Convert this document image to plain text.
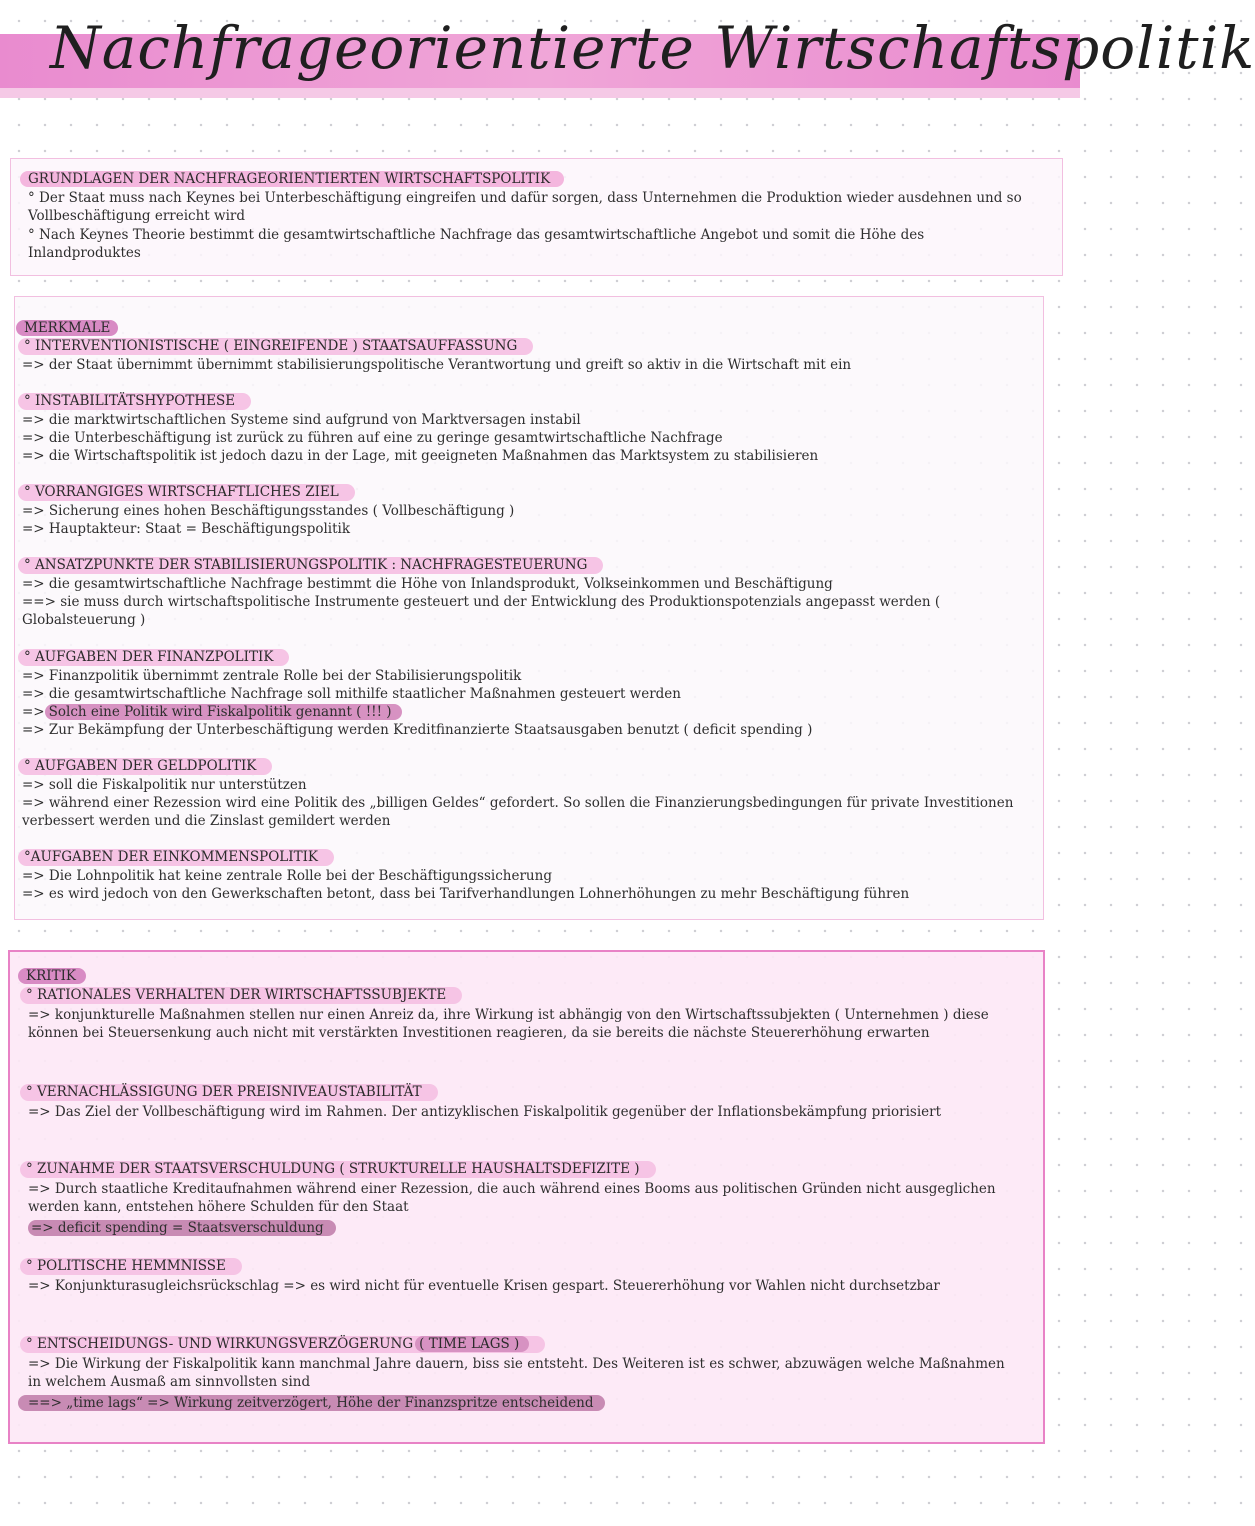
Nachfrageorientierte Wirtschaftspolitik
GRUNDLAGEN DER NACHFRAGEORIENTIERTEN WIRTSCHAFTSPOLITIK
° Der Staat muss nach Keynes bei Unterbeschäftigung eingreifen und dafür sorgen, dass Unternehmen die Produktion wieder ausdehnen und so Vollbeschäftigung erreicht wird
° Nach Keynes Theorie bestimmt die gesamtwirtschaftliche Nachfrage das gesamtwirtschaftliche Angebot und somit die Höhe des Inlandproduktes
MERKMALE
° INTERVENTIONISTISCHE ( EINGREIFENDE ) STAATSAUFFASSUNG
=> der Staat übernimmt übernimmt stabilisierungspolitische Verantwortung und greift so aktiv in die Wirtschaft mit ein
° INSTABILITÄTSHYPOTHESE
=> die marktwirtschaftlichen Systeme sind aufgrund von Marktversagen instabil
=> die Unterbeschäftigung ist zurück zu führen auf eine zu geringe gesamtwirtschaftliche Nachfrage
=> die Wirtschaftspolitik ist jedoch dazu in der Lage, mit geeigneten Maßnahmen das Marktsystem zu stabilisieren
° VORRANGIGES WIRTSCHAFTLICHES ZIEL
=> Sicherung eines hohen Beschäftigungsstandes ( Vollbeschäftigung )
=> Hauptakteur: Staat = Beschäftigungspolitik
° ANSATZPUNKTE DER STABILISIERUNGSPOLITIK : NACHFRAGESTEUERUNG
=> die gesamtwirtschaftliche Nachfrage bestimmt die Höhe von Inlandsprodukt, Volkseinkommen und Beschäftigung
==> sie muss durch wirtschaftspolitische Instrumente gesteuert und der Entwicklung des Produktionspotenzials angepasst werden ( Globalsteuerung )
° AUFGABEN DER FINANZPOLITIK
=> Finanzpolitik übernimmt zentrale Rolle bei der Stabilisierungspolitik
=> die gesamtwirtschaftliche Nachfrage soll mithilfe staatlicher Maßnahmen gesteuert werden
=> Solch eine Politik wird Fiskalpolitik genannt ( !!! )
=> Zur Bekämpfung der Unterbeschäftigung werden Kreditfinanzierte Staatsausgaben benutzt ( deficit spending )
° AUFGABEN DER GELDPOLITIK
=> soll die Fiskalpolitik nur unterstützen
=> während einer Rezession wird eine Politik des „billigen Geldes“ gefordert. So sollen die Finanzierungsbedingungen für private Investitionen verbessert werden und die Zinslast gemildert werden
°AUFGABEN DER EINKOMMENSPOLITIK
=> Die Lohnpolitik hat keine zentrale Rolle bei der Beschäftigungssicherung
=> es wird jedoch von den Gewerkschaften betont, dass bei Tarifverhandlungen Lohnerhöhungen zu mehr Beschäftigung führen
KRITIK
° RATIONALES VERHALTEN DER WIRTSCHAFTSSUBJEKTE
=> konjunkturelle Maßnahmen stellen nur einen Anreiz da, ihre Wirkung ist abhängig von den Wirtschaftssubjekten ( Unternehmen ) diese können bei Steuersenkung auch nicht mit verstärkten Investitionen reagieren, da sie bereits die nächste Steuererhöhung erwarten
° VERNACHLÄSSIGUNG DER PREISNIVEAUSTABILITÄT
=> Das Ziel der Vollbeschäftigung wird im Rahmen. Der antizyklischen Fiskalpolitik gegenüber der Inflationsbekämpfung priorisiert
° ZUNAHME DER STAATSVERSCHULDUNG ( STRUKTURELLE HAUSHALTSDEFIZITE )
=> Durch staatliche Kreditaufnahmen während einer Rezession, die auch während eines Booms aus politischen Gründen nicht ausgeglichen werden kann, entstehen höhere Schulden für den Staat
=> deficit spending = Staatsverschuldung
° POLITISCHE HEMMNISSE
=> Konjunkturasugleichsrückschlag => es wird nicht für eventuelle Krisen gespart. Steuererhöhung vor Wahlen nicht durchsetzbar
° ENTSCHEIDUNGS- UND WIRKUNGSVERZÖGERUNG ( TIME LAGS )
=> Die Wirkung der Fiskalpolitik kann manchmal Jahre dauern, biss sie entsteht. Des Weiteren ist es schwer, abzuwägen welche Maßnahmen in welchem Ausmaß am sinnvollsten sind
==> „time lags“ => Wirkung zeitverzögert, Höhe der Finanzspritze entscheidend
